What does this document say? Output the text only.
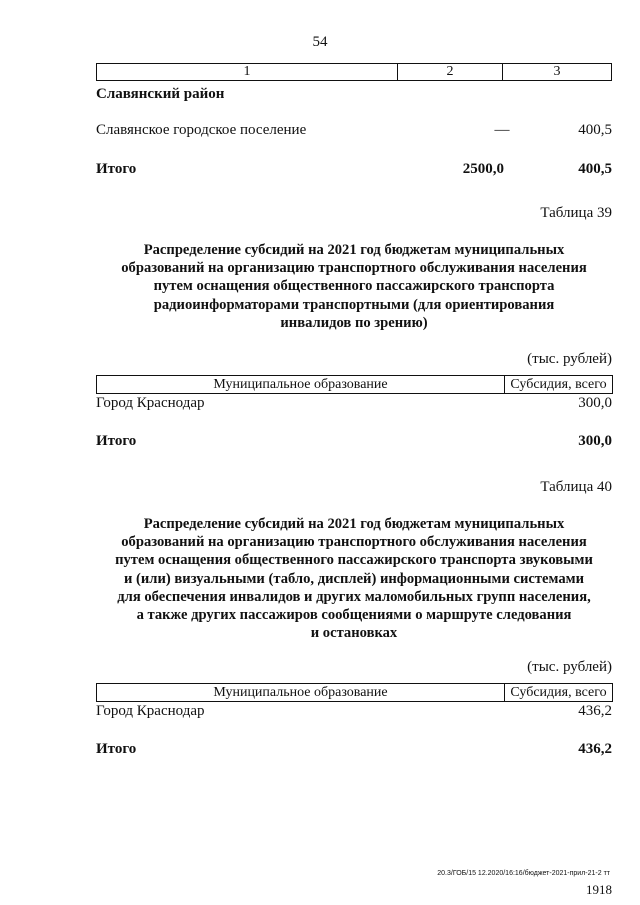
54
1	2	3
Славянский район
Славянское городское поселение	—	400,5
Итого	2500,0	400,5
Таблица 39
Распределение субсидий на 2021 год бюджетам муниципальных
образований на организацию транспортного обслуживания населения
путем оснащения общественного пассажирского транспорта
радиоинформаторами транспортными (для ориентирования
инвалидов по зрению)
(тыс. рублей)
Муниципальное образование	Субсидия, всего
Город Краснодар	300,0
Итого	300,0
Таблица 40
Распределение субсидий на 2021 год бюджетам муниципальных
образований на организацию транспортного обслуживания населения
путем оснащения общественного пассажирского транспорта звуковыми
и (или) визуальными (табло, дисплей) информационными системами
для обеспечения инвалидов и других маломобильных групп населения,
а также других пассажиров сообщениями о маршруте следования
и остановках
(тыс. рублей)
Муниципальное образование	Субсидия, всего
Город Краснодар	436,2
Итого	436,2
20.3/ГОБ/15 12.2020/16:16/бюджет-2021-прил-21-2 тт
1918
